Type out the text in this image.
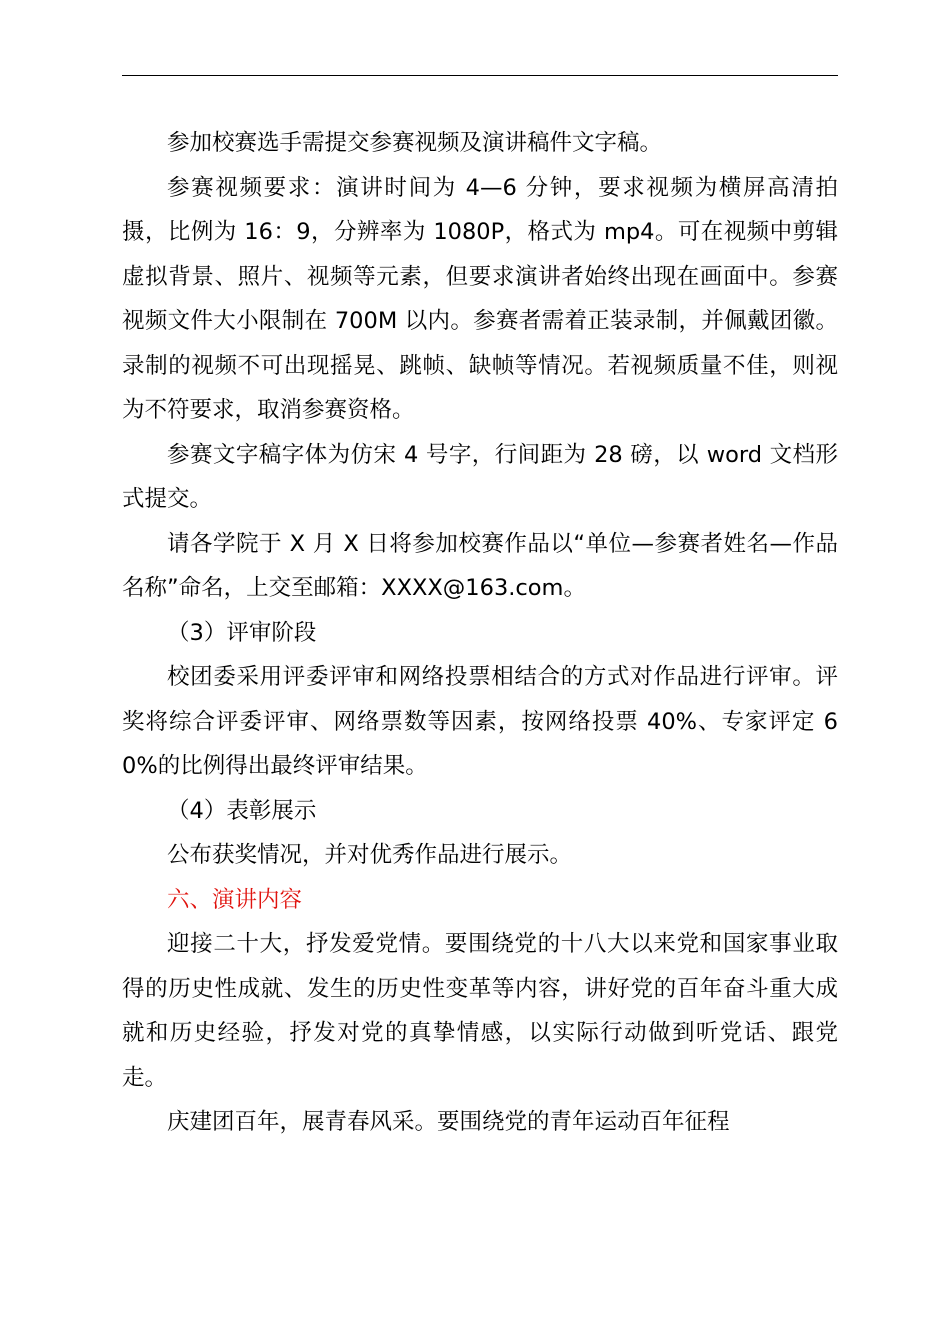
参加校赛选手需提交参赛视频及演讲稿件文字稿。

参赛视频要求：演讲时间为 4—6 分钟，要求视频为横屏高清拍摄，比例为 16：9，分辨率为 1080P，格式为 mp4。可在视频中剪辑虚拟背景、照片、视频等元素，但要求演讲者始终出现在画面中。参赛视频文件大小限制在 700M 以内。参赛者需着正装录制，并佩戴团徽。录制的视频不可出现摇晃、跳帧、缺帧等情况。若视频质量不佳，则视为不符要求，取消参赛资格。

参赛文字稿字体为仿宋 4 号字，行间距为 28 磅，以 word 文档形式提交。

请各学院于 X 月 X 日将参加校赛作品以“单位—参赛者姓名—作品名称”命名，上交至邮箱：XXXX@163.com。

（3）评审阶段

校团委采用评委评审和网络投票相结合的方式对作品进行评审。评奖将综合评委评审、网络票数等因素，按网络投票 40%、专家评定 60%的比例得出最终评审结果。

（4）表彰展示

公布获奖情况，并对优秀作品进行展示。

六、演讲内容

迎接二十大，抒发爱党情。要围绕党的十八大以来党和国家事业取得的历史性成就、发生的历史性变革等内容，讲好党的百年奋斗重大成就和历史经验，抒发对党的真挚情感，以实际行动做到听党话、跟党走。

庆建团百年，展青春风采。要围绕党的青年运动百年征程
